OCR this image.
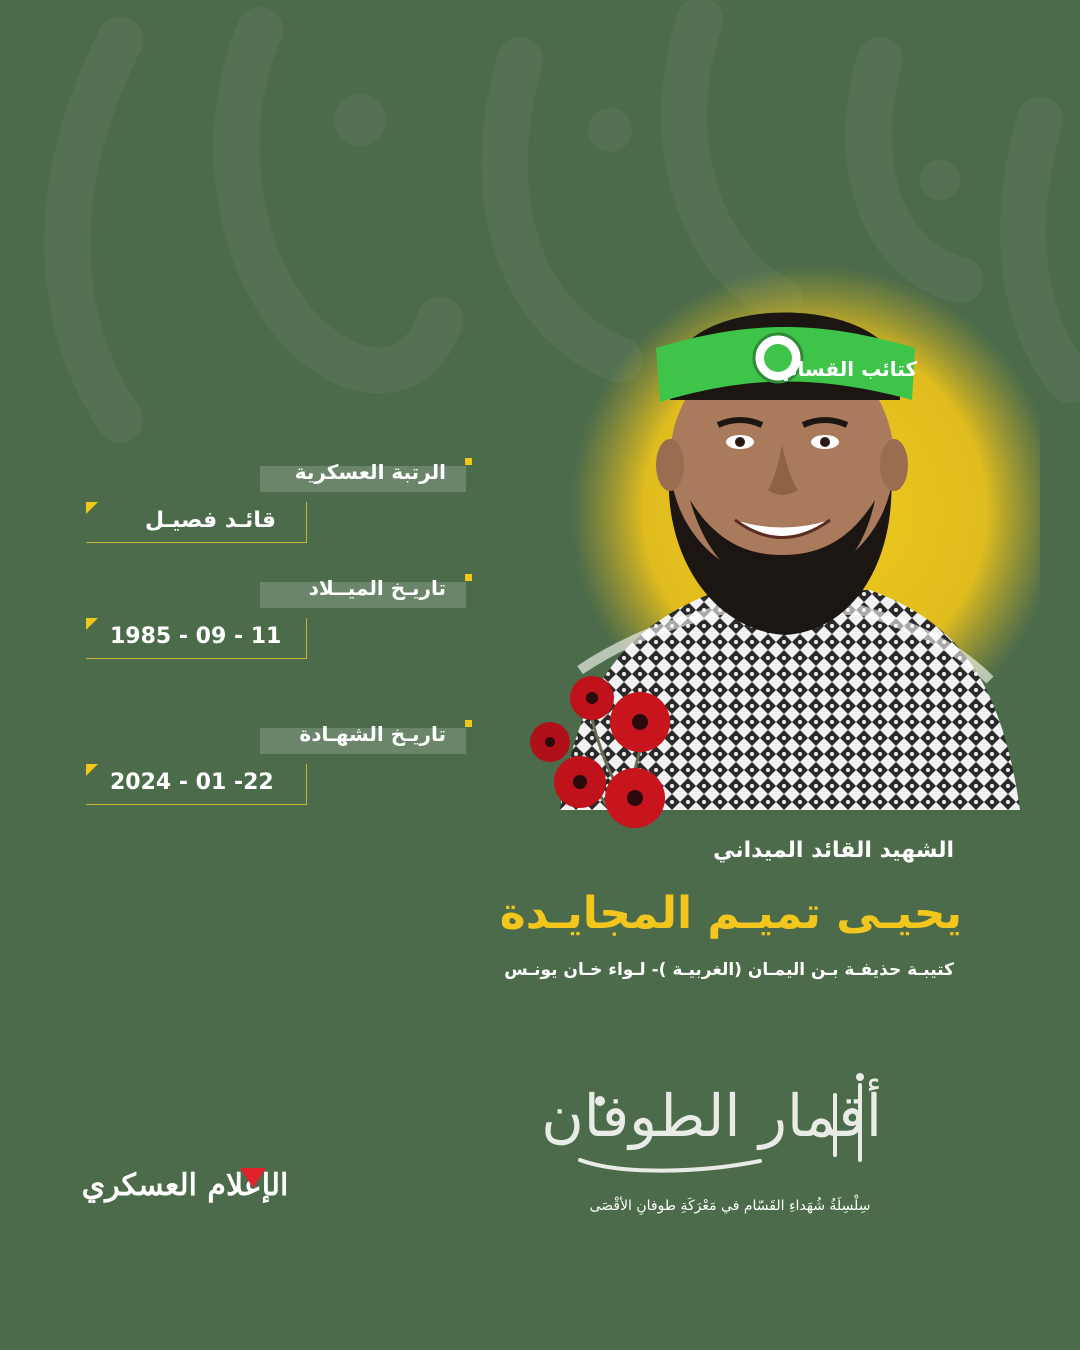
الرتبة العسكرية
قائـد فصيـل
تاريـخ الميــلاد
1985 - 09 - 11
تاريـخ الشهـادة
2024 - 01 -22
كتائب القسام
الشهيد القائد الميداني
يحيـى تميـم المجايـدة
كتيبـة حذيفـة بـن اليمـان (الغربيـة )- لـواء خـان يونـس
أقمار الطوفان
سِلْسِلَةُ شُهَداءِ القَسّام في مَعْرَكَةِ طوفانِ الأقْصَى
الإعلام العسكري
